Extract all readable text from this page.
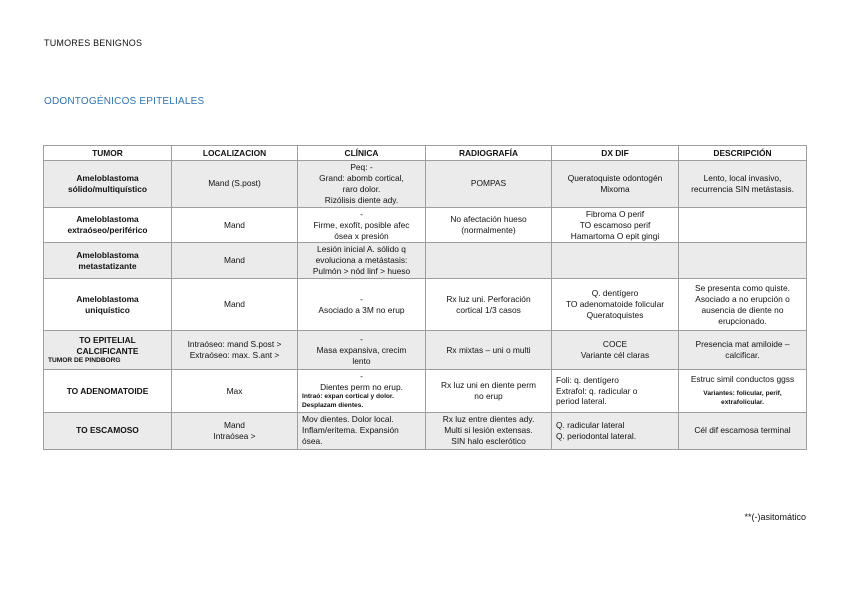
TUMORES BENIGNOS
ODONTOGÉNICOS EPITELIALES
TUMOR	LOCALIZACION	CLÍNICA	RADIOGRAFÍA	DX DIF	DESCRIPCIÓN

Ameloblastoma
sólido/multiquístico	Mand (S.post)	Peq: -
Grand: abomb cortical,
raro dolor.
Rizólisis diente ady.	POMPAS	Queratoquiste odontogén
Mixoma	Lento, local invasivo,
recurrencia SIN metástasis.

Ameloblastoma
extraóseo/periférico	Mand	-
Firme, exofít, posible afec
ósea x presión	No afectación hueso
(normalmente)	Fibroma O perif
TO escamoso perif
Hamartoma O epit gingi	

Ameloblastoma
metastatizante	Mand	Lesión inicial A. sólido q
evoluciona a metástasis:
Pulmón > nód linf > hueso			

Ameloblastoma
uniquístico	Mand	-
Asociado a 3M no erup	Rx luz uni. Perforación
cortical 1/3 casos	Q. dentígero
TO adenomatoide folicular
Queratoquistes	Se presenta como quiste.
Asociado a no erupción o
ausencia de diente no
erupcionado.

TO EPITELIAL
CALCIFICANTE
TUMOR DE PINDBORG	Intraóseo: mand S.post >
Extraóseo: max. S.ant >	-
Masa expansiva, crecim
lento	Rx mixtas – uni o multi	COCE
Variante cél claras	Presencia mat amiloide –
calcificar.

TO ADENOMATOIDE	Max	-
Dientes perm no erup.
Intraó: expan cortical y dolor.
Desplazam dientes.	Rx luz uni en diente perm
no erup	Foli: q. dentígero
Extrafol: q. radicular o
period lateral.	Estruc simil conductos ggss
Variantes: folicular, perif,
extrafolicular.

TO ESCAMOSO	Mand
Intraósea >	Mov dientes. Dolor local.
Inflam/eritema. Expansión
ósea.	Rx luz entre dientes ady.
Multi si lesión extensas.
SIN halo esclerótico	Q. radicular lateral
Q. periodontal lateral.	Cél dif escamosa terminal
**(-)asitomático
